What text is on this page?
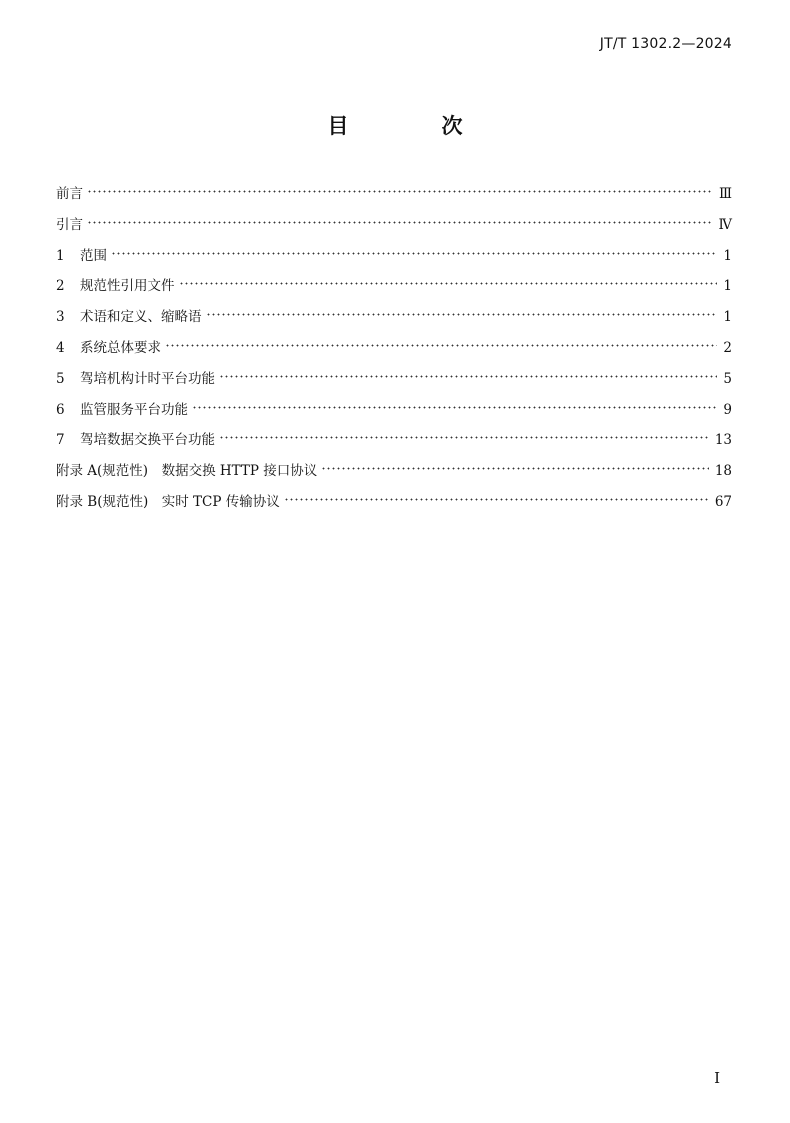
JT/T 1302.2—2024
目　次
前言	Ⅲ
引言	Ⅳ
1	范围	1
2	规范性引用文件	1
3	术语和定义、缩略语	1
4	系统总体要求	2
5	驾培机构计时平台功能	5
6	监管服务平台功能	9
7	驾培数据交换平台功能	13
附录 A(规范性)　数据交换 HTTP 接口协议	18
附录 B(规范性)　实时 TCP 传输协议	67
I
